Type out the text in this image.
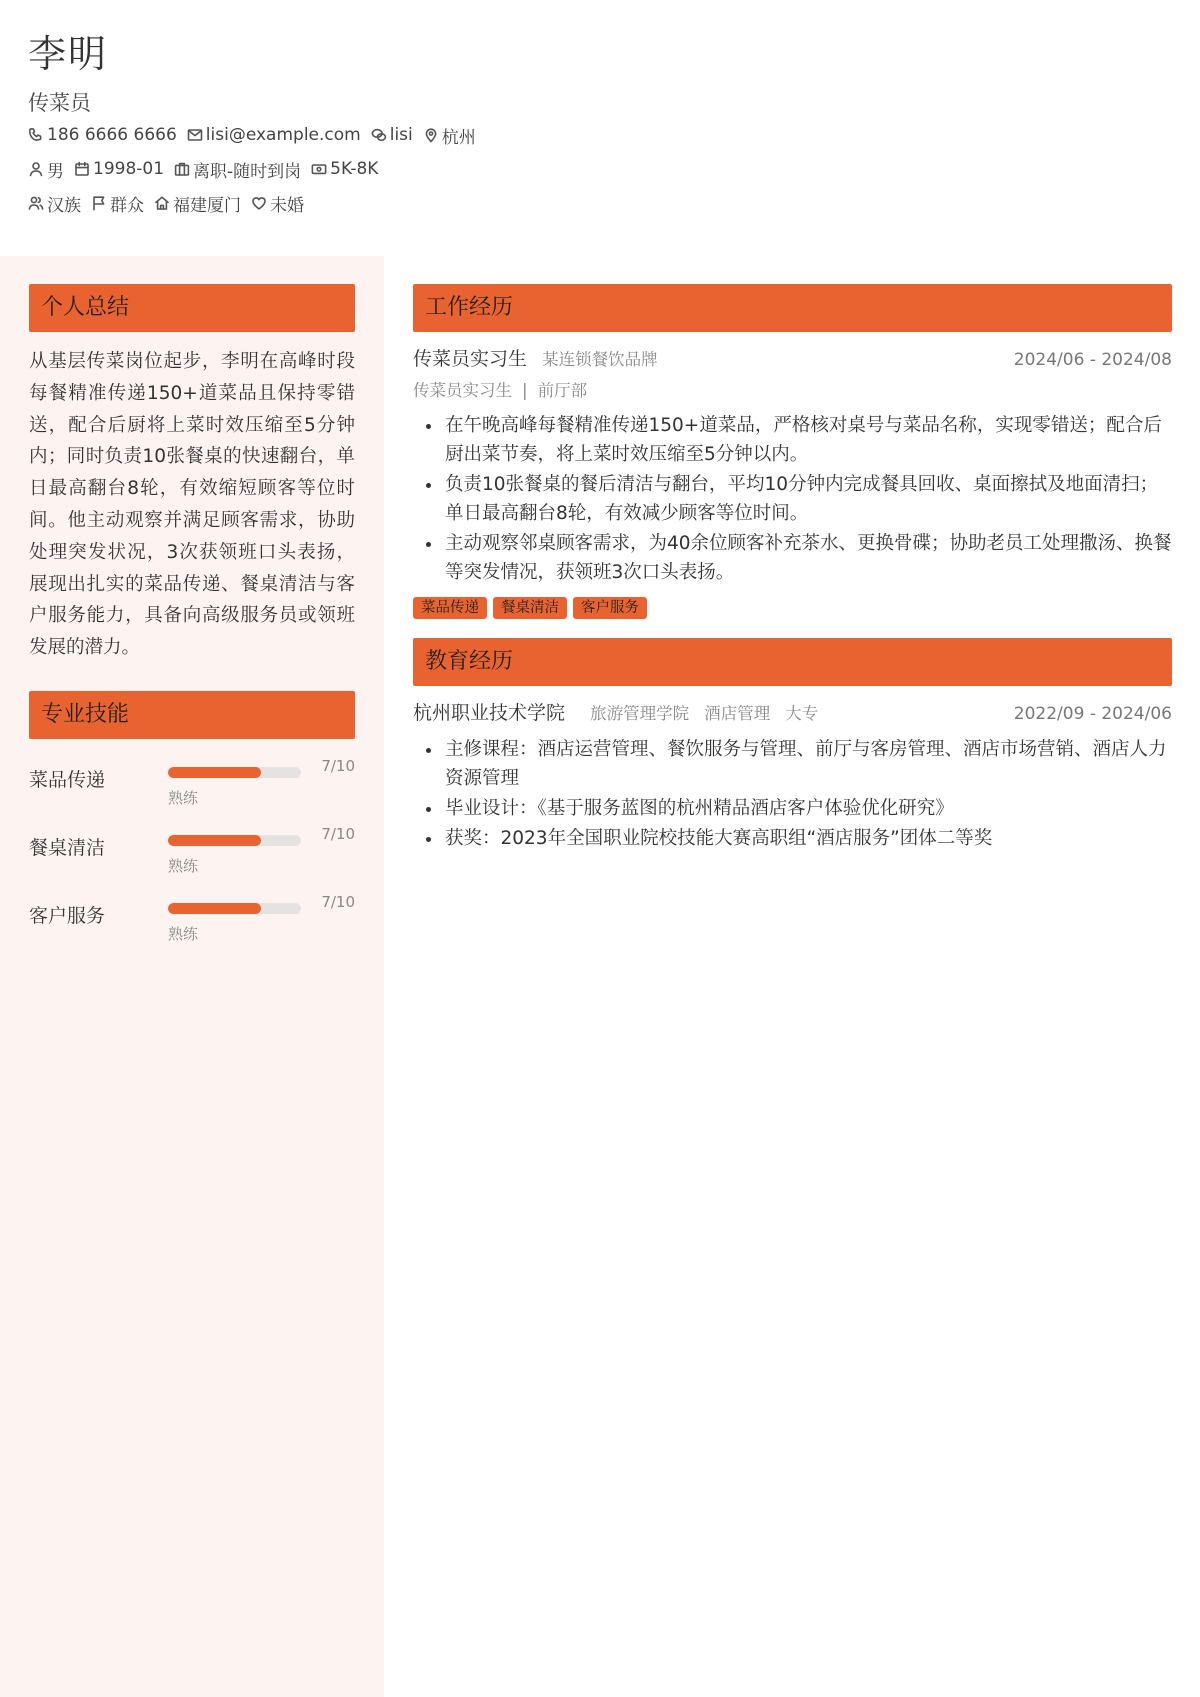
李明
传菜员
186 6666 6666 lisi@example.com lisi 杭州
男 1998-01 离职-随时到岗 5K-8K
汉族 群众 福建厦门 未婚
个人总结
从基层传菜岗位起步，李明在高峰时段每餐精准传递150+道菜品且保持零错送，配合后厨将上菜时效压缩至5分钟内；同时负责10张餐桌的快速翻台，单日最高翻台8轮，有效缩短顾客等位时间。他主动观察并满足顾客需求，协助处理突发状况，3次获领班口头表扬，展现出扎实的菜品传递、餐桌清洁与客户服务能力，具备向高级服务员或领班发展的潜力。
专业技能
菜品传递
7/10
熟练
餐桌清洁
7/10
熟练
客户服务
7/10
熟练
工作经历
传菜员实习生 某连锁餐饮品牌	2024/06 - 2024/08
传菜员实习生 | 前厅部
• 在午晚高峰每餐精准传递150+道菜品，严格核对桌号与菜品名称，实现零错送；配合后厨出菜节奏，将上菜时效压缩至5分钟以内。
• 负责10张餐桌的餐后清洁与翻台，平均10分钟内完成餐具回收、桌面擦拭及地面清扫；单日最高翻台8轮，有效减少顾客等位时间。
• 主动观察邻桌顾客需求，为40余位顾客补充茶水、更换骨碟；协助老员工处理撒汤、换餐等突发情况，获领班3次口头表扬。
菜品传递	餐桌清洁	客户服务
教育经历
杭州职业技术学院 旅游管理学院 酒店管理 大专	2022/09 - 2024/06
• 主修课程：酒店运营管理、餐饮服务与管理、前厅与客房管理、酒店市场营销、酒店人力资源管理
• 毕业设计：《基于服务蓝图的杭州精品酒店客户体验优化研究》
• 获奖：2023年全国职业院校技能大赛高职组“酒店服务”团体二等奖
